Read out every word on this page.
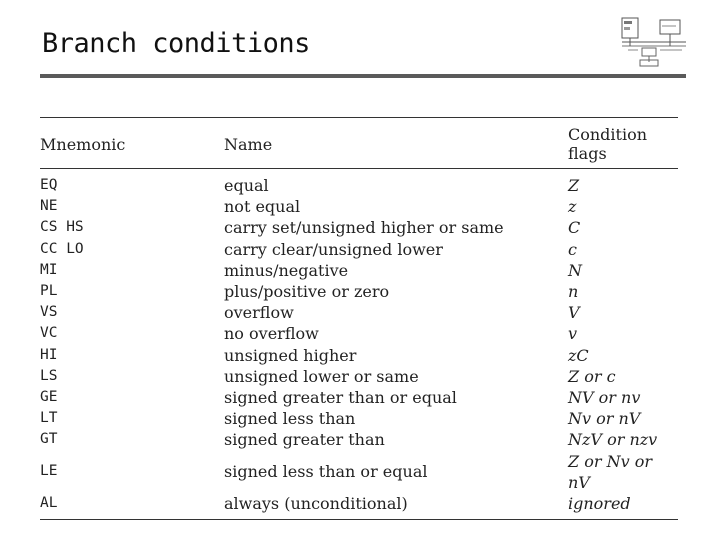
Branch conditions
Mnemonic	Name	Condition flags
EQ	equal	Z
NE	not equal	z
CS HS	carry set/unsigned higher or same	C
CC LO	carry clear/unsigned lower	c
MI	minus/negative	N
PL	plus/positive or zero	n
VS	overflow	V
VC	no overflow	v
HI	unsigned higher	zC
LS	unsigned lower or same	Z or c
GE	signed greater than or equal	NV or nv
LT	signed less than	Nv or nV
GT	signed greater than	NzV or nzv
LE	signed less than or equal	Z or Nv or nV
AL	always (unconditional)	ignored
